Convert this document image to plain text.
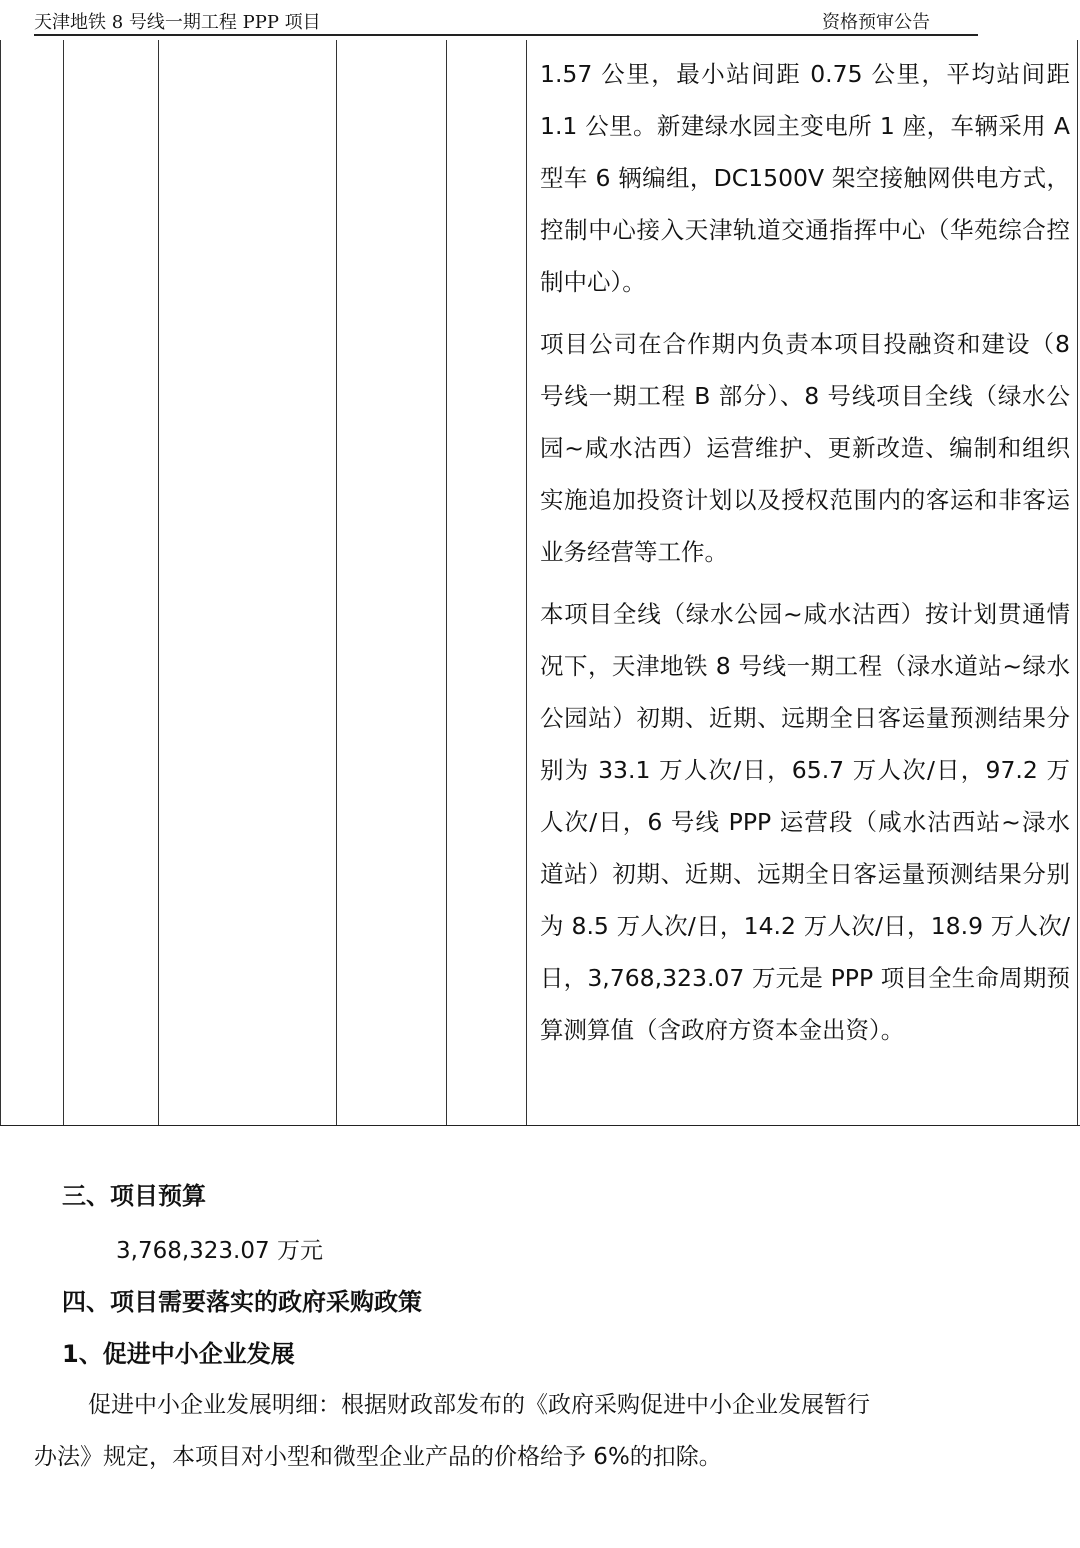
天津地铁 8 号线一期工程 PPP 项目	资格预审公告

1.57 公里，最小站间距 0.75 公里，平均站间距 1.1 公里。新建绿水园主变电所 1 座，车辆采用 A 型车 6 辆编组，DC1500V 架空接触网供电方式，控制中心接入天津轨道交通指挥中心（华苑综合控制中心）。

项目公司在合作期内负责本项目投融资和建设（8 号线一期工程 B 部分）、8 号线项目全线（绿水公园~咸水沽西）运营维护、更新改造、编制和组织实施追加投资计划以及授权范围内的客运和非客运业务经营等工作。

本项目全线（绿水公园~咸水沽西）按计划贯通情况下，天津地铁 8 号线一期工程（渌水道站~绿水公园站）初期、近期、远期全日客运量预测结果分别为 33.1 万人次/日，65.7 万人次/日，97.2 万人次/日，6 号线 PPP 运营段（咸水沽西站~渌水道站）初期、近期、远期全日客运量预测结果分别为 8.5 万人次/日，14.2 万人次/日，18.9 万人次/日，3,768,323.07 万元是 PPP 项目全生命周期预算测算值（含政府方资本金出资）。

三、项目预算
3,768,323.07 万元
四、项目需要落实的政府采购政策
1、促进中小企业发展
促进中小企业发展明细：根据财政部发布的《政府采购促进中小企业发展暂行
办法》规定，本项目对小型和微型企业产品的价格给予 6%的扣除。
